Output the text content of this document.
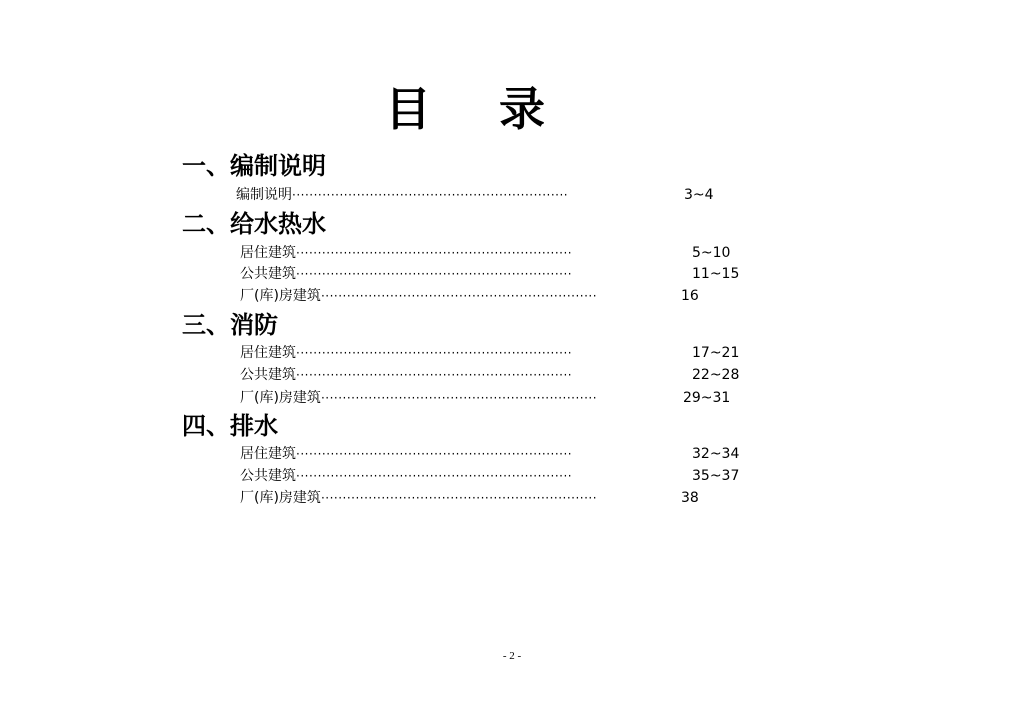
目 录
一、编制说明
编制说明 ································································	3~4
二、给水热水
居住建筑 ································································	5~10
公共建筑 ································································	11~15
厂(库)房建筑 ································································	16
三、消防
居住建筑 ································································	17~21
公共建筑 ································································	22~28
厂(库)房建筑 ································································	29~31
四、排水
居住建筑 ································································	32~34
公共建筑 ································································	35~37
厂(库)房建筑 ································································	38
- 2 -
